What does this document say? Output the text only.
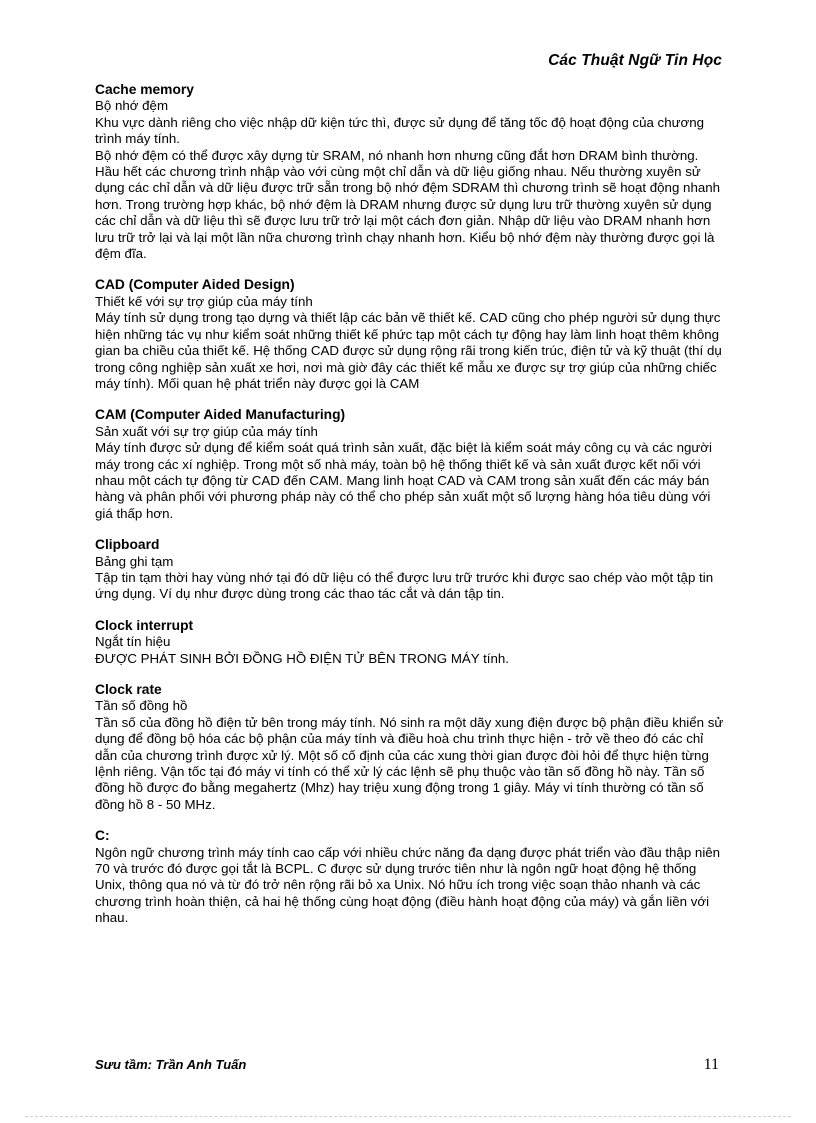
Các Thuật Ngữ Tin Học
Cache memory
Bộ nhớ đệm
Khu vực dành riêng cho việc nhập dữ kiện tức thì, được sử dụng để tăng tốc độ hoạt động của chương trình máy tính.
Bộ nhớ đệm có thể được xây dựng từ SRAM, nó nhanh hơn nhưng cũng đắt hơn DRAM bình thường. Hầu hết các chương trình nhập vào với cùng một chỉ dẫn và dữ liệu giống nhau. Nếu thường xuyên sử dụng các chỉ dẫn và dữ liệu được trữ sẵn trong bộ nhớ đệm SDRAM thì chương trình sẽ hoạt động nhanh hơn. Trong trường hợp khác, bộ nhớ đệm là DRAM nhưng được sử dụng lưu trữ thường xuyên sử dụng các chỉ dẫn và dữ liệu thì sẽ được lưu trữ trở lại một cách đơn giản. Nhập dữ liệu vào DRAM nhanh hơn lưu trữ trở lại và lại một lần nữa chương trình chạy nhanh hơn. Kiểu bộ nhớ đệm này thường được gọi là đệm đĩa.
CAD (Computer Aided Design)
Thiết kế với sự trợ giúp của máy tính
Máy tính sử dụng trong tạo dựng và thiết lập các bản vẽ thiết kế. CAD cũng cho phép người sử dụng thực hiện những tác vụ như kiểm soát những thiết kế phức tạp một cách tự động hay làm linh hoạt thêm không gian ba chiều của thiết kế. Hệ thống CAD được sử dụng rộng rãi trong kiến trúc, điện tử và kỹ thuật (thí dụ trong công nghiệp sản xuất xe hơi, nơi mà giờ đây các thiết kế mẫu xe được sự trợ giúp của những chiếc máy tính). Mối quan hệ phát triển này được gọi là CAM
CAM (Computer Aided Manufacturing)
Sản xuất với sự trợ giúp của máy tính
Máy tính được sử dụng để kiểm soát quá trình sản xuất, đặc biệt là kiểm soát máy công cụ và các người máy trong các xí nghiệp. Trong một số nhà máy, toàn bộ hệ thống thiết kế và sản xuất được kết nối với nhau một cách tự động từ CAD đến CAM. Mang linh hoạt CAD và CAM trong sản xuất đến các máy bán hàng và phân phối với phương pháp này có thể cho phép sản xuất một số lượng hàng hóa tiêu dùng với giá thấp hơn.
Clipboard
Bảng ghi tạm
Tập tin tạm thời hay vùng nhớ tại đó dữ liệu có thể được lưu trữ trước khi được sao chép vào một tập tin ứng dụng. Ví dụ như được dùng trong các thao tác cắt và dán tập tin.
Clock interrupt
Ngắt tín hiệu
ĐƯỢC PHÁT SINH BỞI ĐỒNG HỒ ĐIỆN TỬ BÊN TRONG MÁY tính.
Clock rate
Tần số đồng hồ
Tần số của đồng hồ điện tử bên trong máy tính. Nó sinh ra một dãy xung điện được bộ phận điều khiển sử dụng để đồng bộ hóa các bộ phận của máy tính và điều hoà chu trình thực hiện - trở về theo đó các chỉ dẫn của chương trình được xử lý. Một số cố định của các xung thời gian được đòi hỏi để thực hiện từng lệnh riêng. Vận tốc tại đó máy vi tính có thể xử lý các lệnh sẽ phụ thuộc vào tần số đồng hồ này. Tần số đồng hồ được đo bằng megahertz (Mhz) hay triệu xung động trong 1 giây. Máy vi tính thường có tần số đồng hồ 8 - 50 MHz.
C:
Ngôn ngữ chương trình máy tính cao cấp với nhiều chức năng đa dạng được phát triển vào đầu thập niên 70 và trước đó được gọi tắt là BCPL. C được sử dụng trước tiên như là ngôn ngữ hoạt động hệ thống Unix, thông qua nó và từ đó trở nên rộng rãi bỏ xa Unix. Nó hữu ích trong việc soạn thảo nhanh và các chương trình hoàn thiện, cả hai hệ thống cùng hoạt động (điều hành hoạt động của máy) và gắn liền với nhau.
Sưu tầm: Trần Anh Tuấn	11
